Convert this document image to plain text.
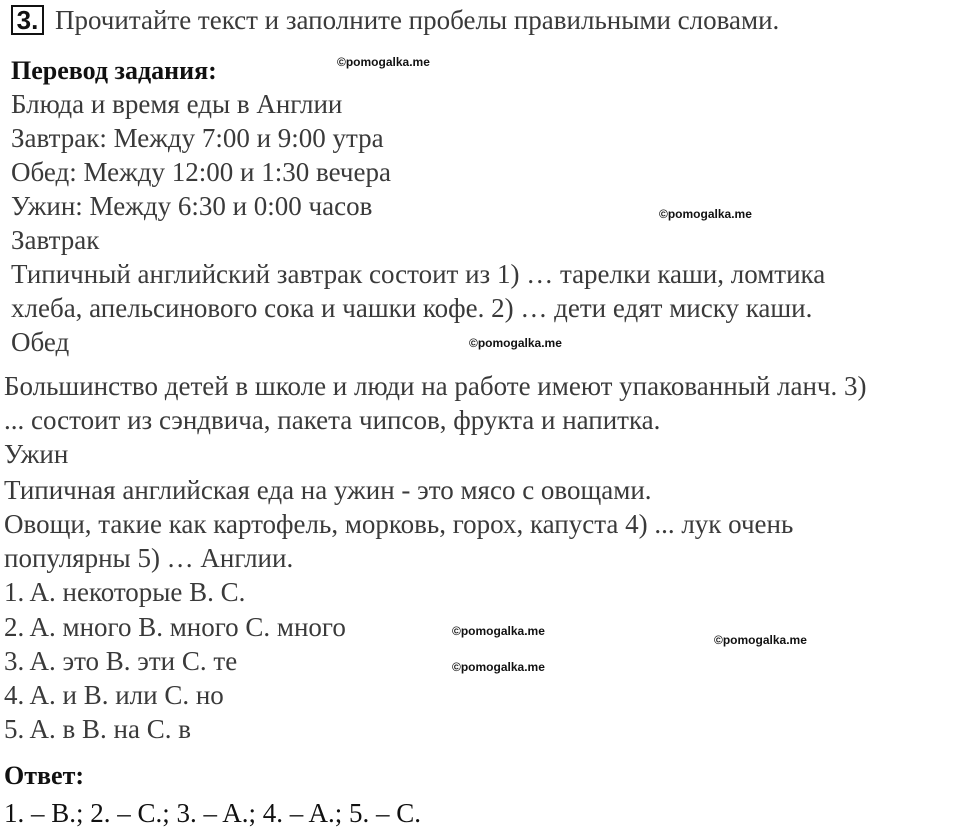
3. Прочитайте текст и заполните пробелы правильными словами.
Перевод задания:
Блюда и время еды в Англии
Завтрак: Между 7:00 и 9:00 утра
Обед: Между 12:00 и 1:30 вечера
Ужин: Между 6:30 и 0:00 часов
Завтрак
Типичный английский завтрак состоит из 1) … тарелки каши, ломтика
хлеба, апельсинового сока и чашки кофе. 2) … дети едят миску каши.
Обед
Большинство детей в школе и люди на работе имеют упакованный ланч. 3)
... состоит из сэндвича, пакета чипсов, фрукта и напитка.
Ужин
Типичная английская еда на ужин - это мясо с овощами.
Овощи, такие как картофель, морковь, горох, капуста 4) ... лук очень
популярны 5) … Англии.
1. A. некоторые B. C.
2. A. много B. много C. много
3. A. это B. эти C. те
4. A. и B. или C. но
5. A. в B. на C. в
Ответ:
1. – B.; 2. – C.; 3. – A.; 4. – A.; 5. – C.
©pomogalka.me
©pomogalka.me
©pomogalka.me
©pomogalka.me
©pomogalka.me
©pomogalka.me
